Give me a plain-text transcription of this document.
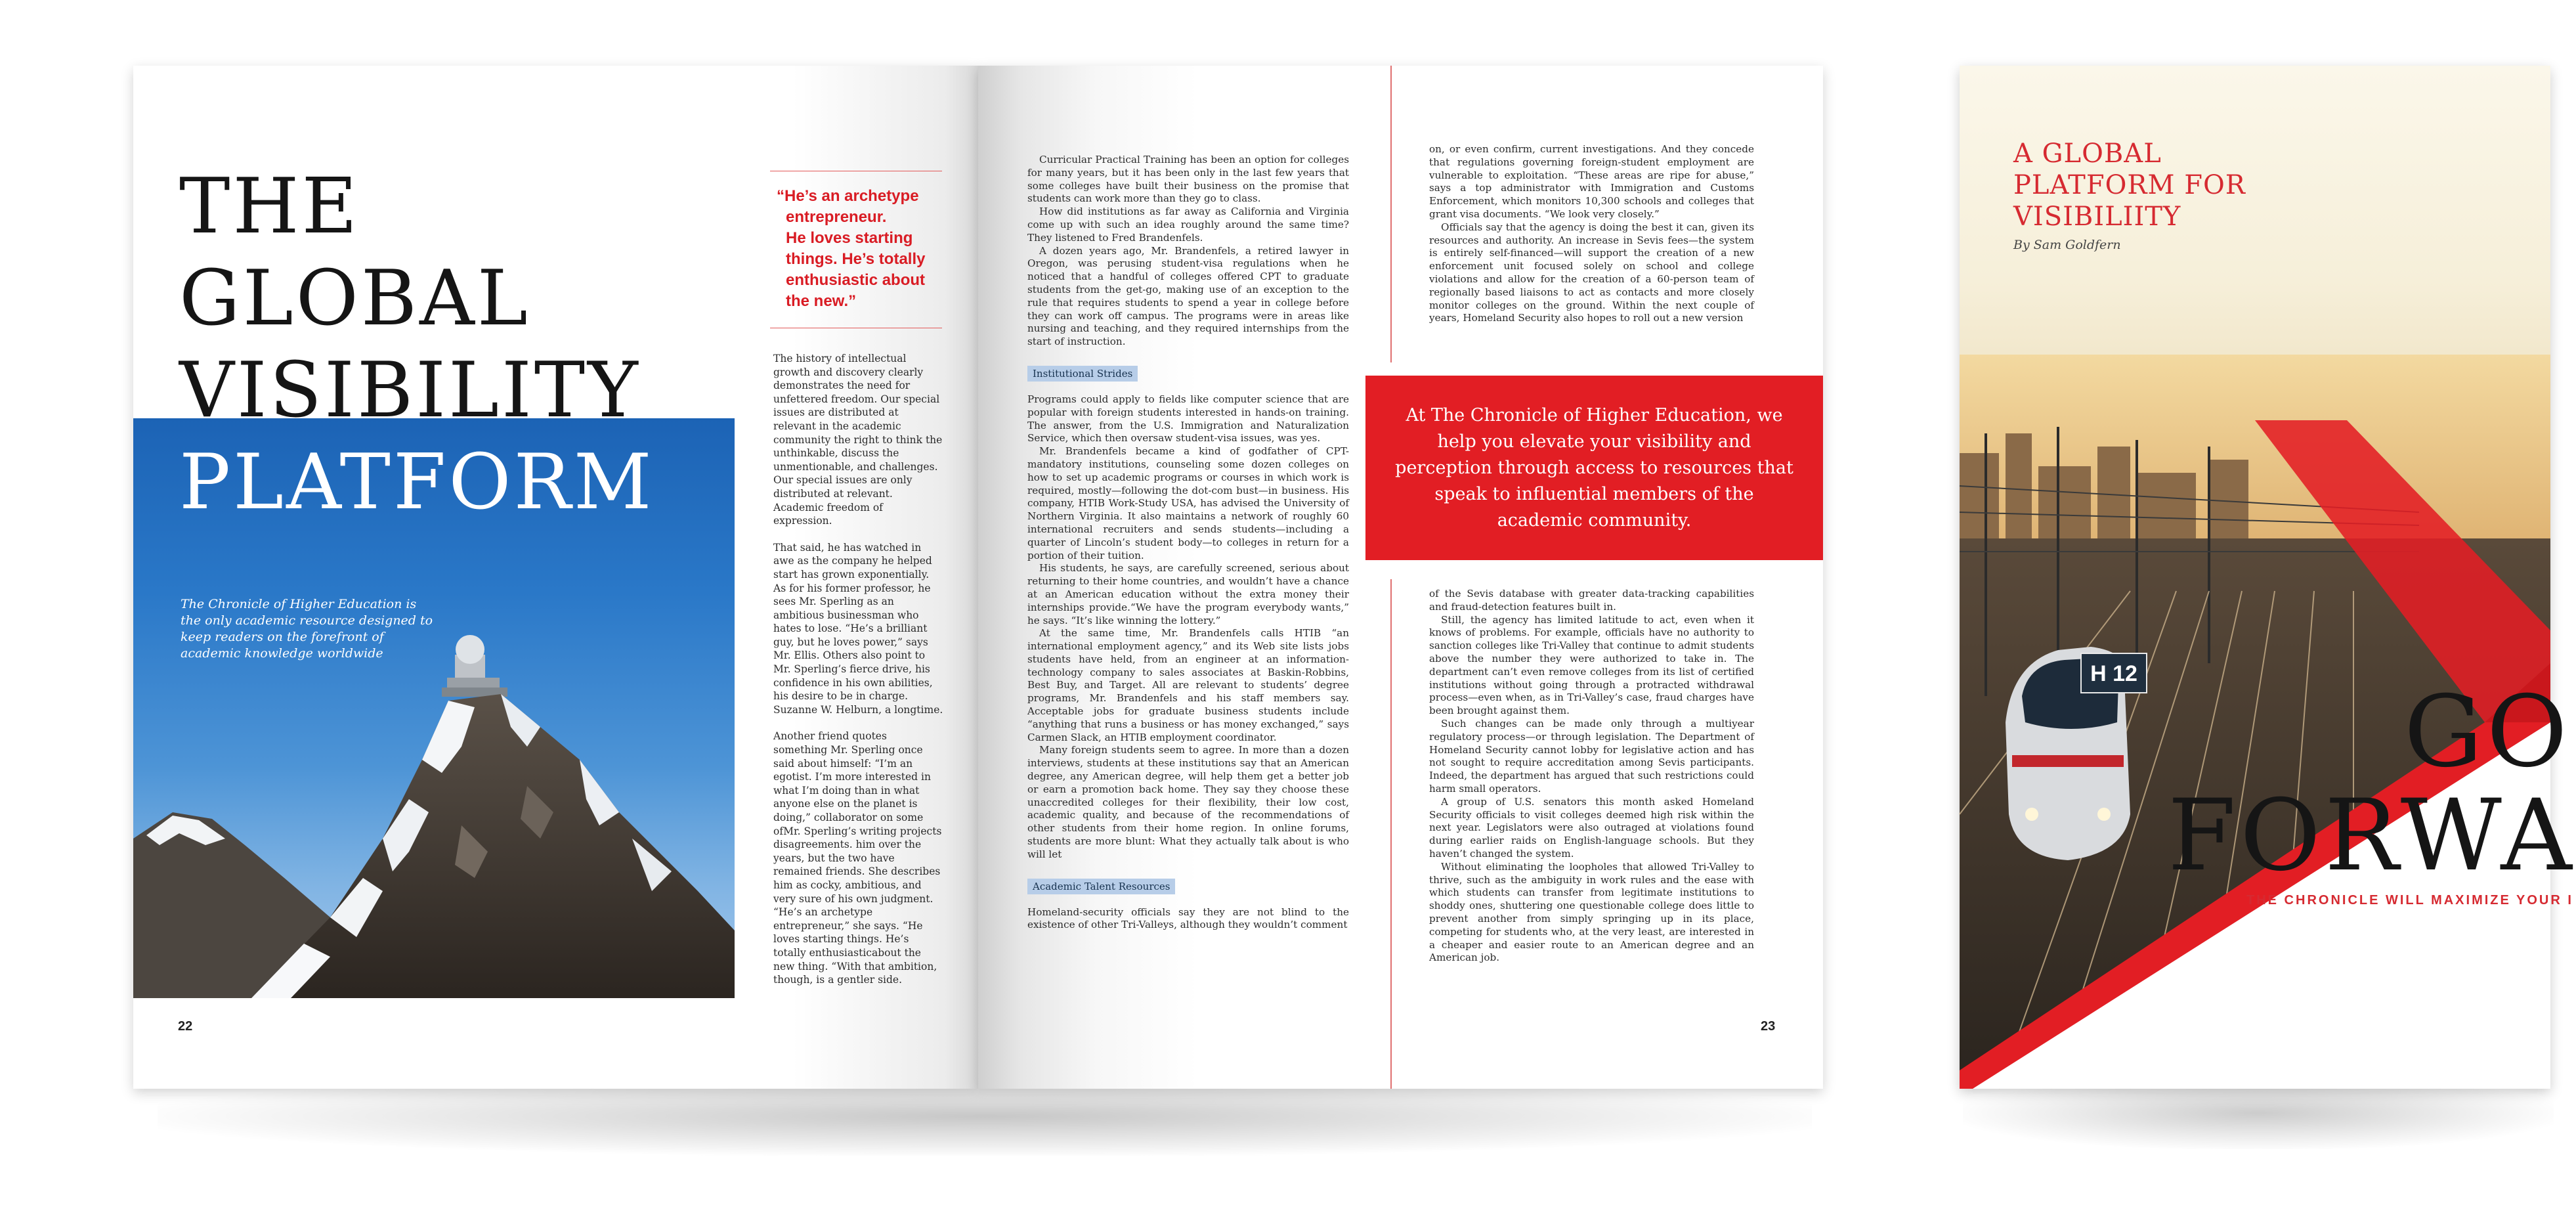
THE
GLOBAL
VISIBILITY
PLATFORM
The Chronicle of Higher Education is the only academic resource designed to keep readers on the forefront of academic knowledge worldwide
22
“He’s an archetype
entrepreneur.
He loves starting
things. He’s totally
enthusiastic about
the new.”

The history of intellectual growth and discovery clearly demonstrates the need for unfettered freedom. Our special issues are distributed at relevant in the academic community the right to think the unthinkable, discuss the unmentionable, and challenges. Our special issues are only distributed at relevant. Academic freedom of expression.

That said, he has watched in awe as the company he helped start has grown exponentially. As for his former professor, he sees Mr. Sperling as an ambitious businessman who hates to lose. “He’s a brilliant guy, but he loves power,” says Mr. Ellis. Others also point to Mr. Sperling’s fierce drive, his confidence in his own abilities, his desire to be in charge. Suzanne W. Helburn, a longtime.

Another friend quotes something Mr. Sperling once said about himself: “I’m an egotist. I’m more interested in what I’m doing than in what anyone else on the planet is doing,” collaborator on some ofMr. Sperling’s writing projects disagreements. him over the years, but the two have remained friends. She describes him as cocky, ambitious, and very sure of his own judgment. “He’s an archetype entrepreneur,” she says. “He loves starting things. He’s totally enthusiasticabout the new thing. “With that ambition, though, is a gentler side.

Curricular Practical Training has been an option for colleges for many years, but it has been only in the last few years that some colleges have built their business on the promise that students can work more than they go to class.

How did institutions as far away as California and Virginia come up with such an idea roughly around the same time? They listened to Fred Brandenfels.

A dozen years ago, Mr. Brandenfels, a retired lawyer in Oregon, was perusing student-visa regulations when he noticed that a handful of colleges offered CPT to graduate students from the get-go, making use of an exception to the rule that requires students to spend a year in college before they can work off campus. The programs were in areas like nursing and teaching, and they required internships from the start of instruction.

Institutional Strides

Programs could apply to fields like computer science that are popular with foreign students interested in hands-on training. The answer, from the U.S. Immigration and Naturalization Service, which then oversaw student-visa issues, was yes.

Mr. Brandenfels became a kind of godfather of CPT-mandatory institutions, counseling some dozen colleges on how to set up academic programs or courses in which work is required, mostly—following the dot-com bust—in business. His company, HTIB Work-Study USA, has advised the University of Northern Virginia. It also maintains a network of roughly 60 international recruiters and sends students—including a quarter of Lincoln’s student body—to colleges in return for a portion of their tuition.

His students, he says, are carefully screened, serious about returning to their home countries, and wouldn’t have a chance at an American education without the extra money their internships provide.“We have the program everybody wants,” he says. “It’s like winning the lottery.”

At the same time, Mr. Brandenfels calls HTIB “an international employment agency,” and its Web site lists jobs students have held, from an engineer at an information-technology company to sales associates at Baskin-Robbins, Best Buy, and Target. All are relevant to students’ degree programs, Mr. Brandenfels and his staff members say. Acceptable jobs for graduate business students include “anything that runs a business or has money exchanged,” says Carmen Slack, an HTIB employment coordinator.

Many foreign students seem to agree. In more than a dozen interviews, students at these institutions say that an American degree, any American degree, will help them get a better job or earn a promotion back home. They say they choose these unaccredited colleges for their flexibility, their low cost, academic quality, and because of the recommendations of other students from their home region. In online forums, students are more blunt: What they actually talk about is who will let

Academic Talent Resources

Homeland-security officials say they are not blind to the existence of other Tri-Valleys, although they wouldn’t comment

on, or even confirm, current investigations. And they concede that regulations governing foreign-student employment are vulnerable to exploitation. “These areas are ripe for abuse,” says a top administrator with Immigration and Customs Enforcement, which monitors 10,300 schools and colleges that grant visa documents. “We look very closely.”

Officials say that the agency is doing the best it can, given its resources and authority. An increase in Sevis fees—the system is entirely self-financed—will support the creation of a new enforcement unit focused solely on school and college violations and allow for the creation of a 60-person team of regionally based liaisons to act as contacts and more closely monitor colleges on the ground. Within the next couple of years, Homeland Security also hopes to roll out a new version

At The Chronicle of Higher Education, we help you elevate your visibility and perception through access to resources that speak to influential members of the academic community.

of the Sevis database with greater data-tracking capabilities and fraud-detection features built in.

Still, the agency has limited latitude to act, even when it knows of problems. For example, officials have no authority to sanction colleges like Tri-Valley that continue to admit students above the number they were authorized to take in. The department can’t even remove colleges from its list of certified institutions without going through a protracted withdrawal process—even when, as in Tri-Valley’s case, fraud charges have been brought against them.

Such changes can be made only through a multiyear regulatory process—or through legislation. The Department of Homeland Security cannot lobby for legislative action and has not sought to require accreditation among Sevis participants. Indeed, the department has argued that such restrictions could harm small operators.

A group of U.S. senators this month asked Homeland Security officials to visit colleges deemed high risk within the next year. Legislators were also outraged at violations found during earlier raids on English-language schools. But they haven’t changed the system.

Without eliminating the loopholes that allowed Tri-Valley to thrive, such as the ambiguity in work rules and the ease with which students can transfer from legitimate institutions to shoddy ones, shuttering one questionable college does little to prevent another from simply springing up in its place, competing for students who, at the very least, are interested in a cheaper and easier route to an American degree and an American job.

23
A GLOBAL
PLATFORM FOR
VISIBILIITY
By Sam Goldfern
H 12
GO
FORWA
THE CHRONICLE WILL MAXIMIZE YOUR I
